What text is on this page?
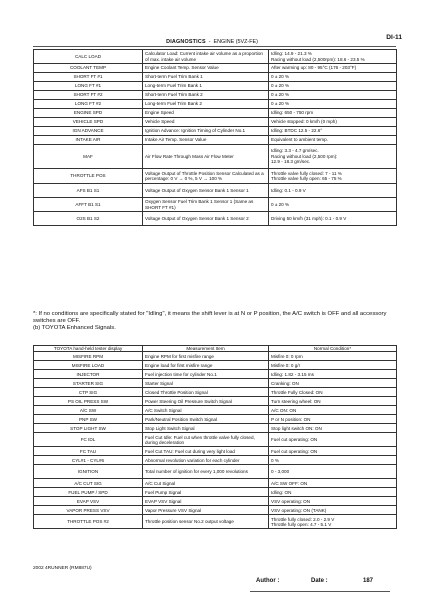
DI-11
DIAGNOSTICS - ENGINE (5VZ-FE)
CALC LOAD	Calculator Load: Current intake air volume as a proportion of max. intake air volume	Idling: 14.9 - 21.3 %
Racing without load (2,500rpm): 18.6 - 23.5 %
COOLANT TEMP	Engine Coolant Temp. Sensor Value	After warming up: 80 - 95°C (176 - 203°F)
SHORT FT #1	Short-term Fuel Trim Bank 1	0 ± 20 %
LONG FT #1	Long-term Fuel Trim Bank 1	0 ± 20 %
SHORT FT #2	Short-term Fuel Trim Bank 2	0 ± 20 %
LONG FT #2	Long-term Fuel Trim Bank 2	0 ± 20 %
ENGINE SPD	Engine Speed	Idling: 650 - 750 rpm
VEHICLE SPD	Vehicle Speed	Vehicle stopped: 0 km/h (0 mph)
IGN ADVANCE	Ignition Advance: Ignition Timing of Cylinder No.1	Idling: BTDC 12.5 - 22.6°
INTAKE AIR	Intake Air Temp. Sensor Value	Equivalent to ambient temp.
MAF	Air Flow Rate Through Mass Air Flow Meter	Idling: 3.3 - 4.7 gm/sec.
Racing without load (2,500 rpm):
12.9 - 18.3 gm/sec.
THROTTLE POS	Voltage Output of Throttle Position Sensor Calculated as a percentage: 0 V → 0 %, 5 V → 100 %	Throttle valve fully closed: 7 - 11 %
Throttle valve fully open: 65 - 75 %
AFS B1 S1	Voltage Output of Oxygen Sensor Bank 1 Sensor 1	Idling: 0.1 - 0.9 V
AFFT B1 S1	Oxygen Sensor Fuel Trim Bank 1 Sensor 1 (Same as SHORT FT #1)	0 ± 20 %
O2S B1 S2	Voltage Output of Oxygen Sensor Bank 1 Sensor 2	Driving 50 km/h (31 mph): 0.1 - 0.9 V
*: If no conditions are specifically stated for "Idling", it means the shift lever is at N or P position, the A/C switch is OFF and all accessory switches are OFF.
(b) TOYOTA Enhanced Signals.
TOYOTA hand-held tester display	Measurement Item	Normal Condition*
MISFIRE RPM	Engine RPM for first misfire range	Misfire 0: 0 rpm
MISFIRE LOAD	Engine load for first misfire range	Misfire 0: 0 g/r
INJECTOR	Fuel injection time for cylinder No.1	Idling: 1.82 - 3.15 ms
STARTER SIG	Starter Signal	Cranking: ON
CTP SIG	Closed Throttle Position Signal	Throttle Fully Closed: ON
PS OIL PRESS SW	Power Steering Oil Pressure Switch Signal	Turn steering wheel: ON
A/C SW	A/C Switch Signal	A/C ON: ON
PNP SW	Park/Neutral Position Switch Signal	P or N position: ON
STOP LIGHT SW	Stop Light Switch Signal	Stop light switch ON: ON
FC IDL	Fuel Cut Idle: Fuel cut when throttle valve fully closed, during deceleration	Fuel cut operating: ON
FC TAU	Fuel Cut TAU: Fuel cut during very light load	Fuel cut operating: ON
CYL#1 - CYL#6	Abnormal revolution variation for each cylinder	0 %
IGNITION	Total number of ignition for every 1,000 revolutions	0 - 3,000
A/C CUT SIG	A/C Cut Signal	A/C SW OFF: ON
FUEL PUMP / SPD	Fuel Pump Signal	Idling: ON
EVAP VSV	EVAP VSV Signal	VSV operating: ON
VAPOR PRESS VSV	Vapor Pressure VSV Signal	VSV operating: ON (TANK)
THROTTLE POS #2	Throttle position sensor No.2 output voltage	Throttle fully closed: 2.0 - 2.9 V
Throttle fully open: 4.7 - 5.1 V
2002 4RUNNER (RM887U)
Author :	Date :	187
